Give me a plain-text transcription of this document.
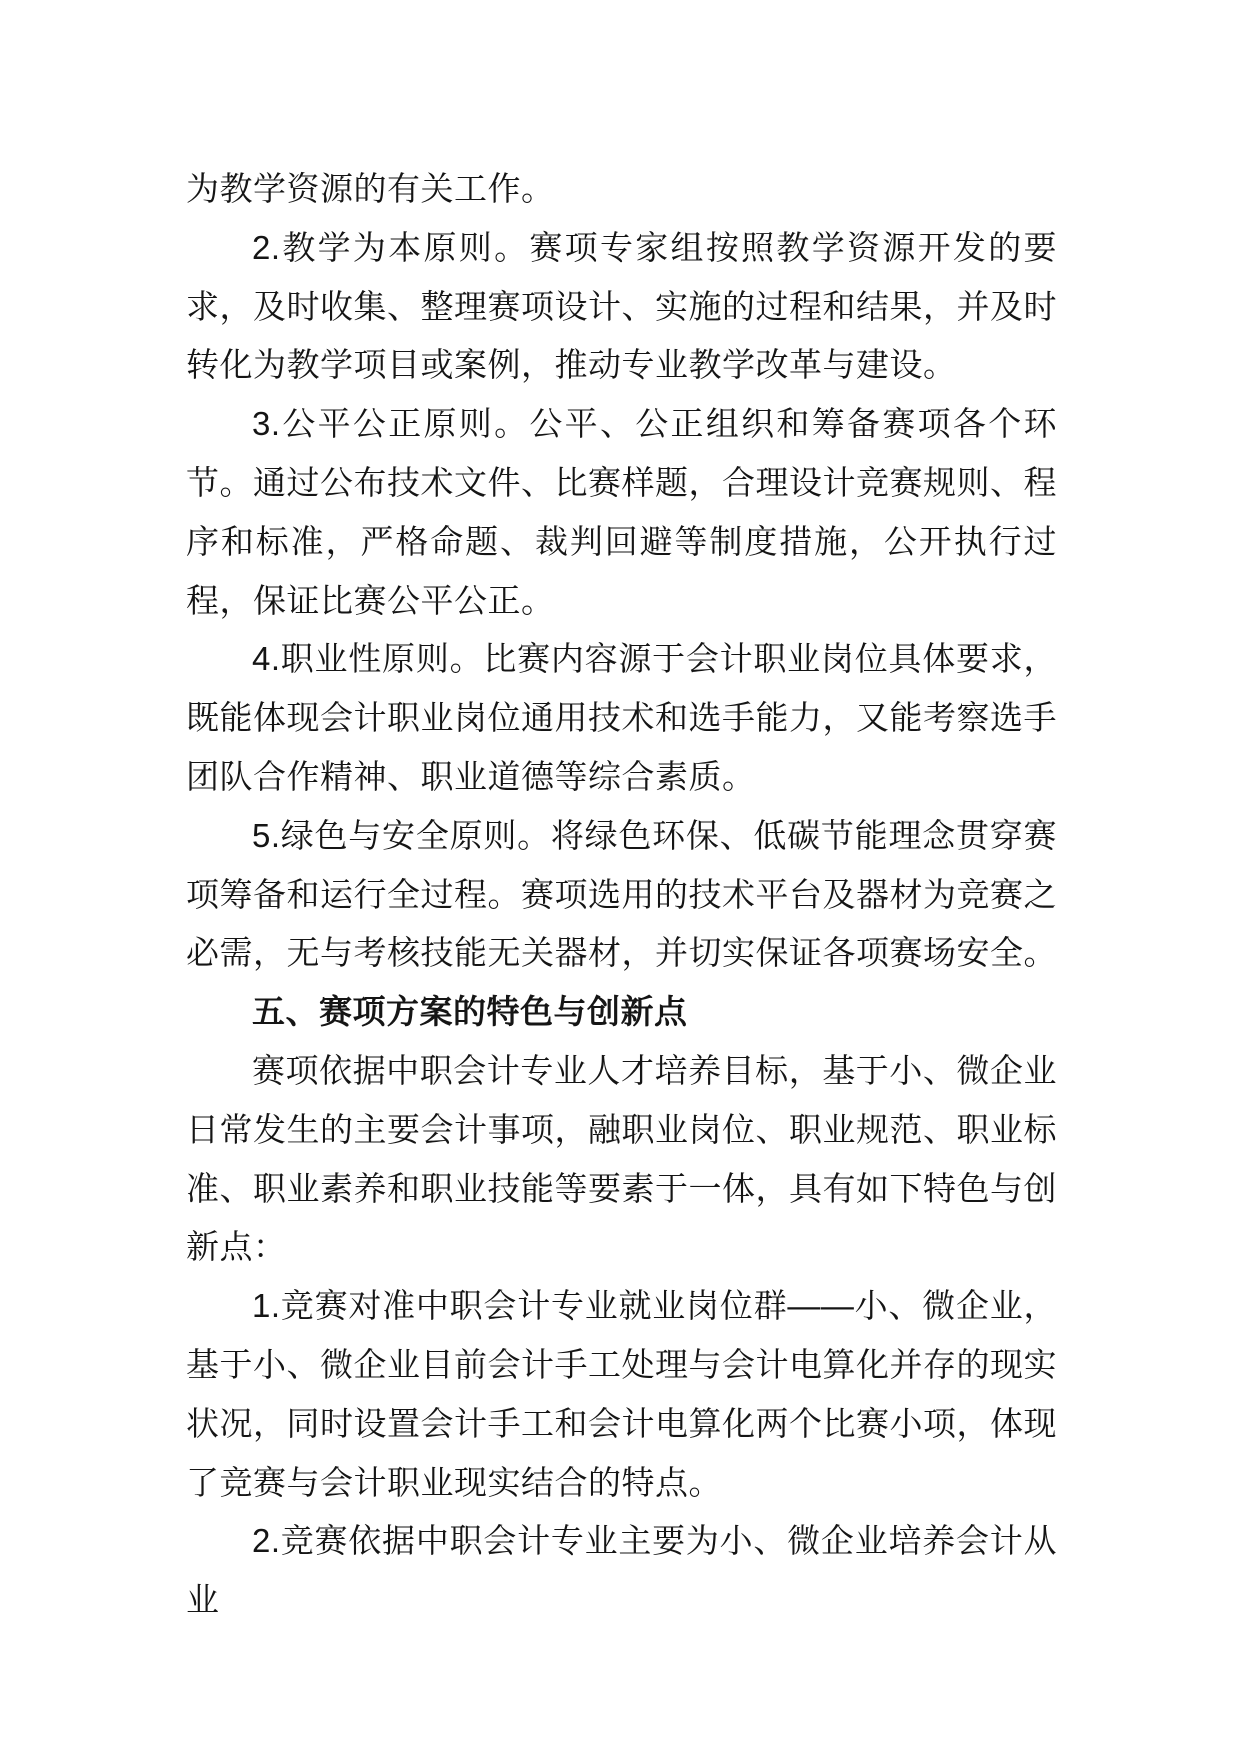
为教学资源的有关工作。

2.教学为本原则。赛项专家组按照教学资源开发的要求，及时收集、整理赛项设计、实施的过程和结果，并及时转化为教学项目或案例，推动专业教学改革与建设。

3.公平公正原则。公平、公正组织和筹备赛项各个环节。通过公布技术文件、比赛样题，合理设计竞赛规则、程序和标准，严格命题、裁判回避等制度措施，公开执行过程，保证比赛公平公正。

4.职业性原则。比赛内容源于会计职业岗位具体要求，既能体现会计职业岗位通用技术和选手能力，又能考察选手团队合作精神、职业道德等综合素质。

5.绿色与安全原则。将绿色环保、低碳节能理念贯穿赛项筹备和运行全过程。赛项选用的技术平台及器材为竞赛之必需，无与考核技能无关器材，并切实保证各项赛场安全。

五、赛项方案的特色与创新点

赛项依据中职会计专业人才培养目标，基于小、微企业日常发生的主要会计事项，融职业岗位、职业规范、职业标准、职业素养和职业技能等要素于一体，具有如下特色与创新点：

1.竞赛对准中职会计专业就业岗位群——小、微企业，基于小、微企业目前会计手工处理与会计电算化并存的现实状况，同时设置会计手工和会计电算化两个比赛小项，体现了竞赛与会计职业现实结合的特点。

2.竞赛依据中职会计专业主要为小、微企业培养会计从业
